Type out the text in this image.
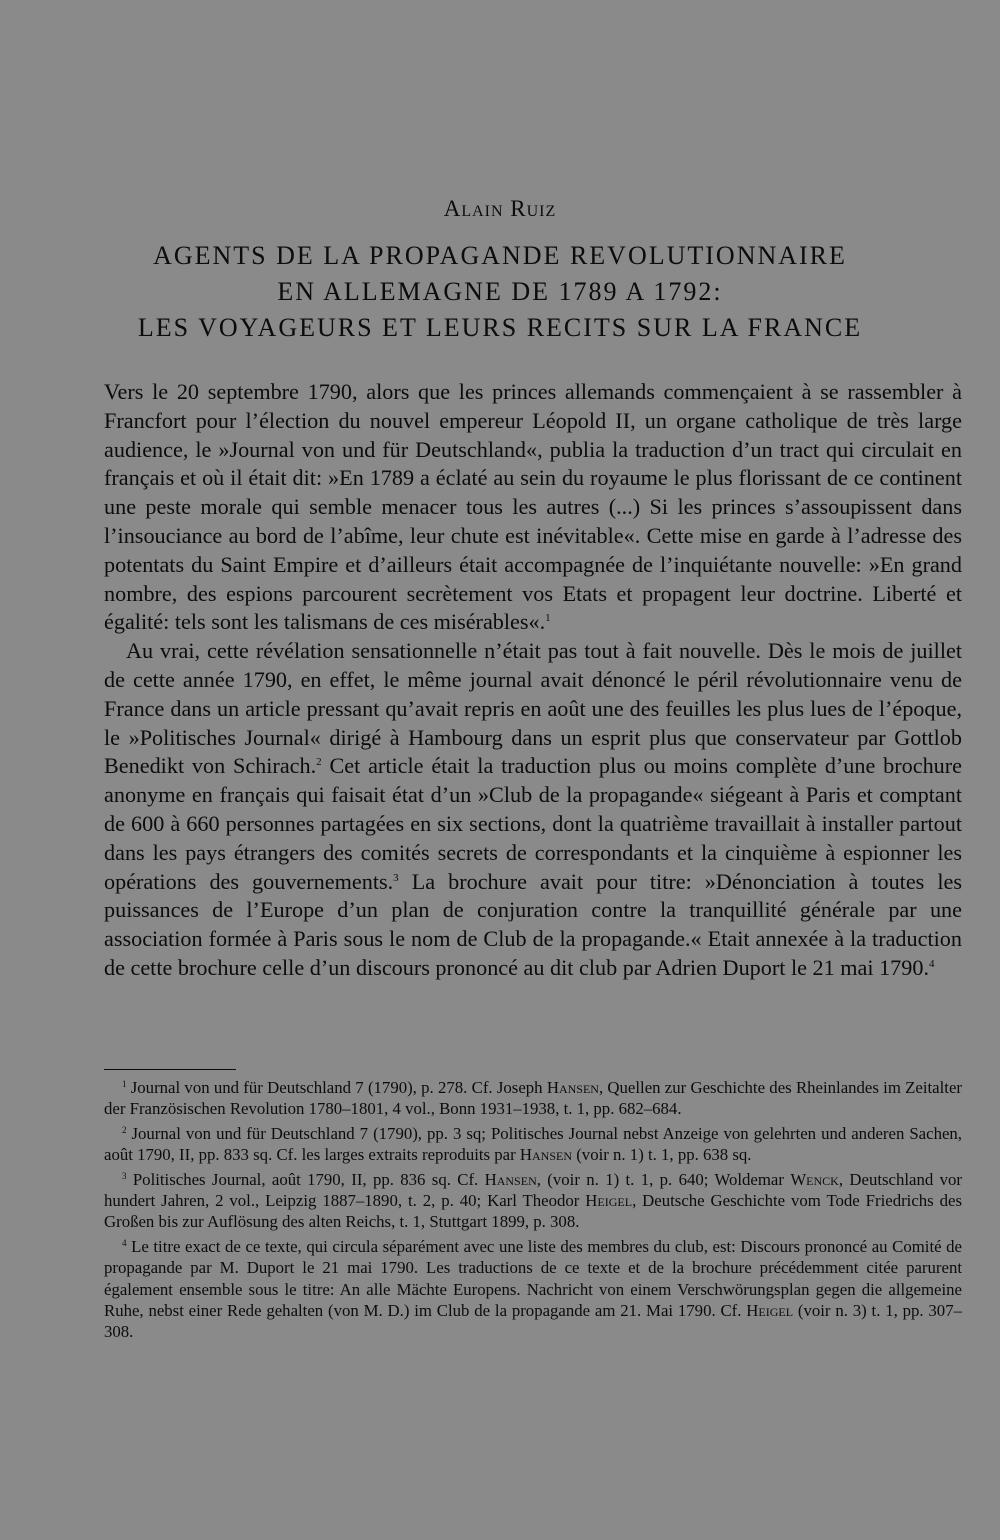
Alain Ruiz
AGENTS DE LA PROPAGANDE REVOLUTIONNAIRE
EN ALLEMAGNE DE 1789 A 1792:
LES VOYAGEURS ET LEURS RECITS SUR LA FRANCE

Vers le 20 septembre 1790, alors que les princes allemands commençaient à se rassembler à Francfort pour l’élection du nouvel empereur Léopold II, un organe catholique de très large audience, le »Journal von und für Deutschland«, publia la traduction d’un tract qui circulait en français et où il était dit: »En 1789 a éclaté au sein du royaume le plus florissant de ce continent une peste morale qui semble menacer tous les autres (...) Si les princes s’assoupissent dans l’insouciance au bord de l’abîme, leur chute est inévitable«. Cette mise en garde à l’adresse des potentats du Saint Empire et d’ailleurs était accompagnée de l’inquiétante nouvelle: »En grand nombre, des espions parcourent secrètement vos Etats et propagent leur doctrine. Liberté et égalité: tels sont les talismans de ces misérables«.$^1$

Au vrai, cette révélation sensationnelle n’était pas tout à fait nouvelle. Dès le mois de juillet de cette année 1790, en effet, le même journal avait dénoncé le péril révolutionnaire venu de France dans un article pressant qu’avait repris en août une des feuilles les plus lues de l’époque, le »Politisches Journal« dirigé à Hambourg dans un esprit plus que conservateur par Gottlob Benedikt von Schirach.$^2$ Cet article était la traduction plus ou moins complète d’une brochure anonyme en français qui faisait état d’un »Club de la propagande« siégeant à Paris et comptant de 600 à 660 personnes partagées en six sections, dont la quatrième travaillait à installer partout dans les pays étrangers des comités secrets de correspondants et la cinquième à espionner les opérations des gouvernements.$^3$ La brochure avait pour titre: »Dénonciation à toutes les puissances de l’Europe d’un plan de conjuration contre la tranquillité générale par une association formée à Paris sous le nom de Club de la propagande.« Etait annexée à la traduction de cette brochure celle d’un discours prononcé au dit club par Adrien Duport le 21 mai 1790.$^4$

$^1$ Journal von und für Deutschland 7 (1790), p. 278. Cf. Joseph Hansen, Quellen zur Geschichte des Rheinlandes im Zeitalter der Französischen Revolution 1780–1801, 4 vol., Bonn 1931–1938, t. 1, pp. 682–684.

$^2$ Journal von und für Deutschland 7 (1790), pp. 3 sq; Politisches Journal nebst Anzeige von gelehrten und anderen Sachen, août 1790, II, pp. 833 sq. Cf. les larges extraits reproduits par Hansen (voir n. 1) t. 1, pp. 638 sq.

$^3$ Politisches Journal, août 1790, II, pp. 836 sq. Cf. Hansen, (voir n. 1) t. 1, p. 640; Woldemar Wenck, Deutschland vor hundert Jahren, 2 vol., Leipzig 1887–1890, t. 2, p. 40; Karl Theodor Heigel, Deutsche Geschichte vom Tode Friedrichs des Großen bis zur Auflösung des alten Reichs, t. 1, Stuttgart 1899, p. 308.

$^4$ Le titre exact de ce texte, qui circula séparément avec une liste des membres du club, est: Discours prononcé au Comité de propagande par M. Duport le 21 mai 1790. Les traductions de ce texte et de la brochure précédemment citée parurent également ensemble sous le titre: An alle Mächte Europens. Nachricht von einem Verschwörungsplan gegen die allgemeine Ruhe, nebst einer Rede gehalten (von M. D.) im Club de la propagande am 21. Mai 1790. Cf. Heigel (voir n. 3) t. 1, pp. 307–308.
